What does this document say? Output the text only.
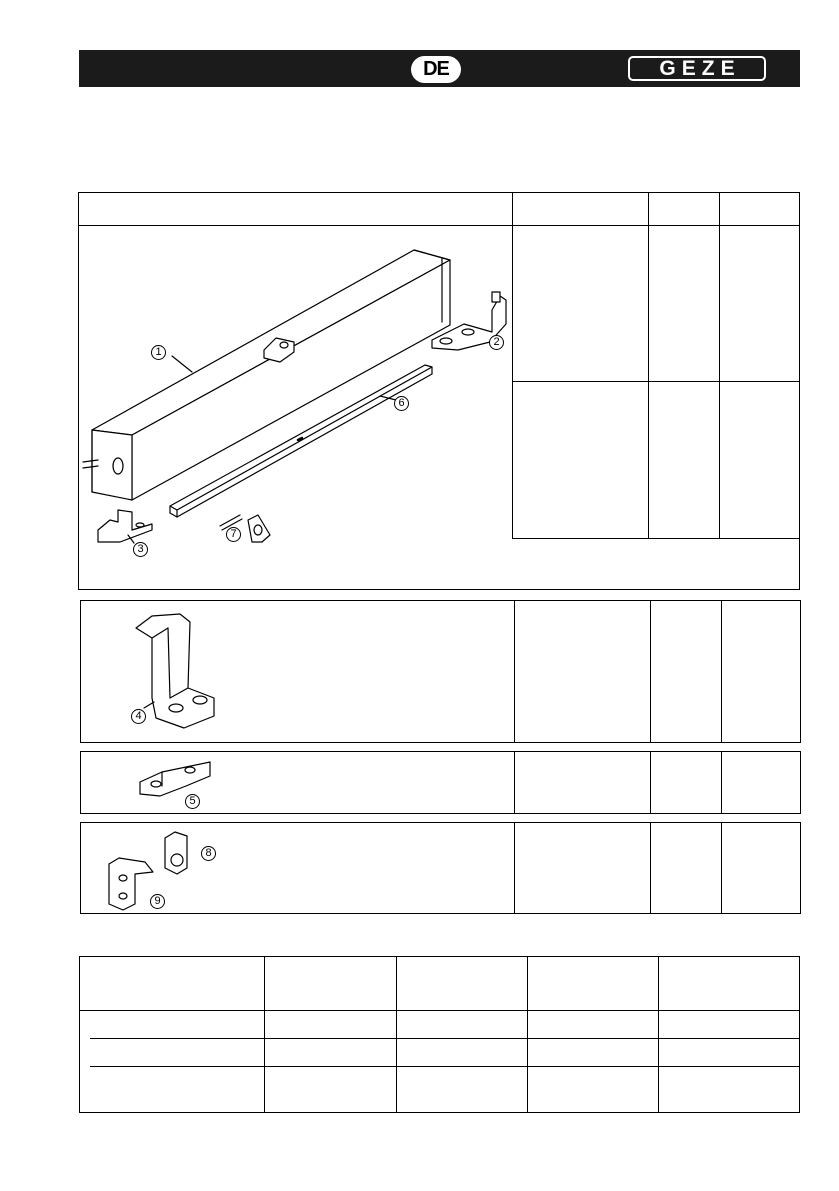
DE	GEZE
1
2
6
3
7
4
5
8
9
